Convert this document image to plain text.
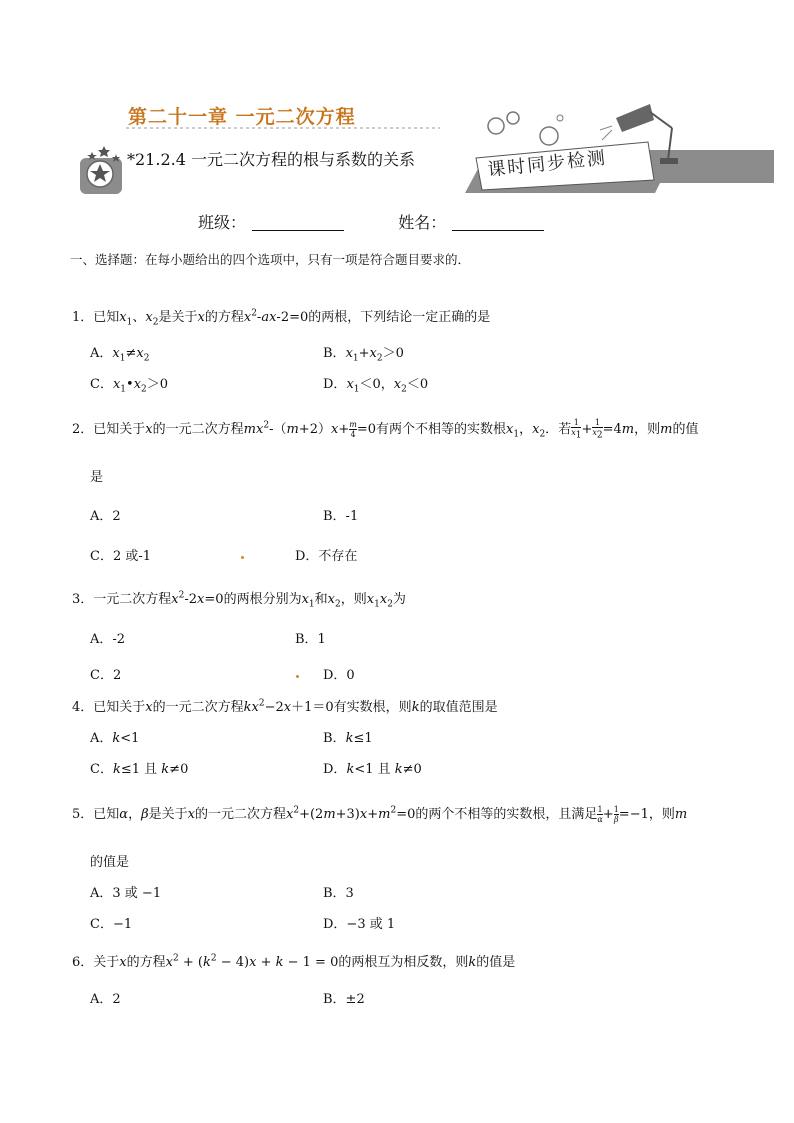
第二十一章 一元二次方程
*21.2.4 一元二次方程的根与系数的关系	课时同步检测
班级：	姓名：
一、选择题：在每小题给出的四个选项中，只有一项是符合题目要求的．
1．已知$x_1$、$x_2$是关于x的方程$x^2-ax-2=0$的两根，下列结论一定正确的是
A．$x_1\ne x_2$	B．$x_1+x_2>0$
C．$x_1•x_2>0$	D．$x_1<0$，$x_2<0$
2．已知关于x的一元二次方程$mx^2-(m+2)x+ \frac{m}{4} =0$有两个不相等的实数根$x_1$，$x_2$．若 $\frac{1}{x_1} + \frac{1}{x_2} =4m$，则m的值
是
A．2	B．-1
C．2 或-1	D．不存在
3．一元二次方程$x^2-2x=0$的两根分别为$x_1$和$x_2$，则$x_1x_2$为
A．-2	B．1
C．2	D．0
4．已知关于x的一元二次方程$kx^2-2x+1=0$有实数根，则k的取值范围是
A．k<1	B．k≤1
C．k≤1 且 k≠0	D．k<1 且 k≠0
5．已知α，β是关于x的一元二次方程$x^2+(2m+3)x+m^2=0$的两个不相等的实数根，且满足 $\frac{1}{\alpha} + \frac{1}{\beta} =-1$，则m
的值是
A．3 或 −1	B．3
C．−1	D．−3 或 1
6．关于x的方程$x^2 + (k^2 - 4)x + k - 1 = 0$的两根互为相反数，则k的值是
A．2	B．±2
